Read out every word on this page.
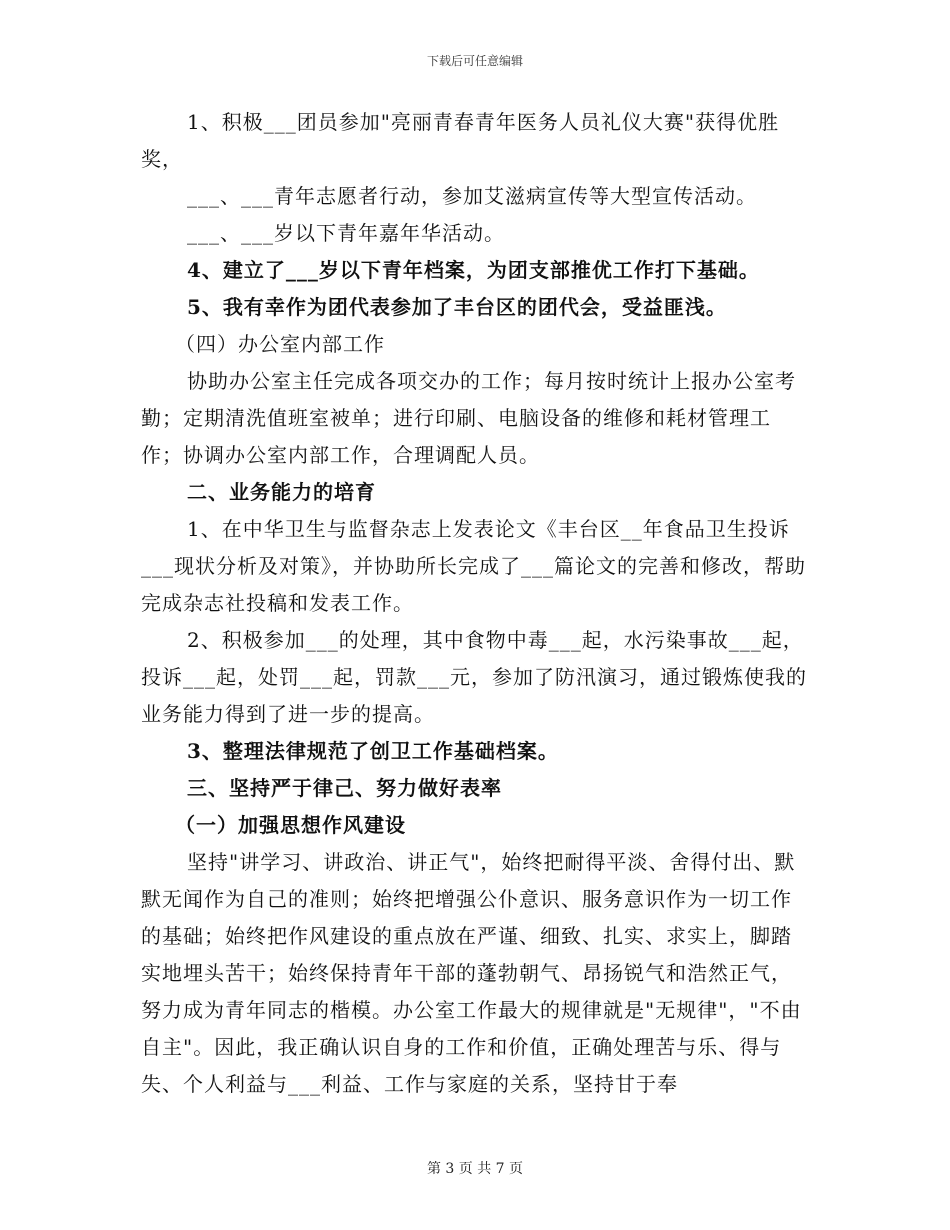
下载后可任意编辑

1、积极___团员参加"亮丽青春青年医务人员礼仪大赛"获得优胜奖，

___、___青年志愿者行动，参加艾滋病宣传等大型宣传活动。

___、___岁以下青年嘉年华活动。

4、建立了___岁以下青年档案，为团支部推优工作打下基础。

5、我有幸作为团代表参加了丰台区的团代会，受益匪浅。

（四）办公室内部工作

协助办公室主任完成各项交办的工作；每月按时统计上报办公室考勤；定期清洗值班室被单；进行印刷、电脑设备的维修和耗材管理工作；协调办公室内部工作，合理调配人员。

二、业务能力的培育

1、在中华卫生与监督杂志上发表论文《丰台区__年食品卫生投诉___现状分析及对策》，并协助所长完成了___篇论文的完善和修改，帮助完成杂志社投稿和发表工作。

2、积极参加___的处理，其中食物中毒___起，水污染事故___起，投诉___起，处罚___起，罚款___元，参加了防汛演习，通过锻炼使我的业务能力得到了进一步的提高。

3、整理法律规范了创卫工作基础档案。

三、坚持严于律己、努力做好表率

（一）加强思想作风建设

坚持"讲学习、讲政治、讲正气"，始终把耐得平淡、舍得付出、默默无闻作为自己的准则；始终把增强公仆意识、服务意识作为一切工作的基础；始终把作风建设的重点放在严谨、细致、扎实、求实上，脚踏实地埋头苦干；始终保持青年干部的蓬勃朝气、昂扬锐气和浩然正气，努力成为青年同志的楷模。办公室工作最大的规律就是"无规律"，"不由自主"。因此，我正确认识自身的工作和价值，正确处理苦与乐、得与失、个人利益与___利益、工作与家庭的关系，坚持甘于奉

第 3 页 共 7 页
